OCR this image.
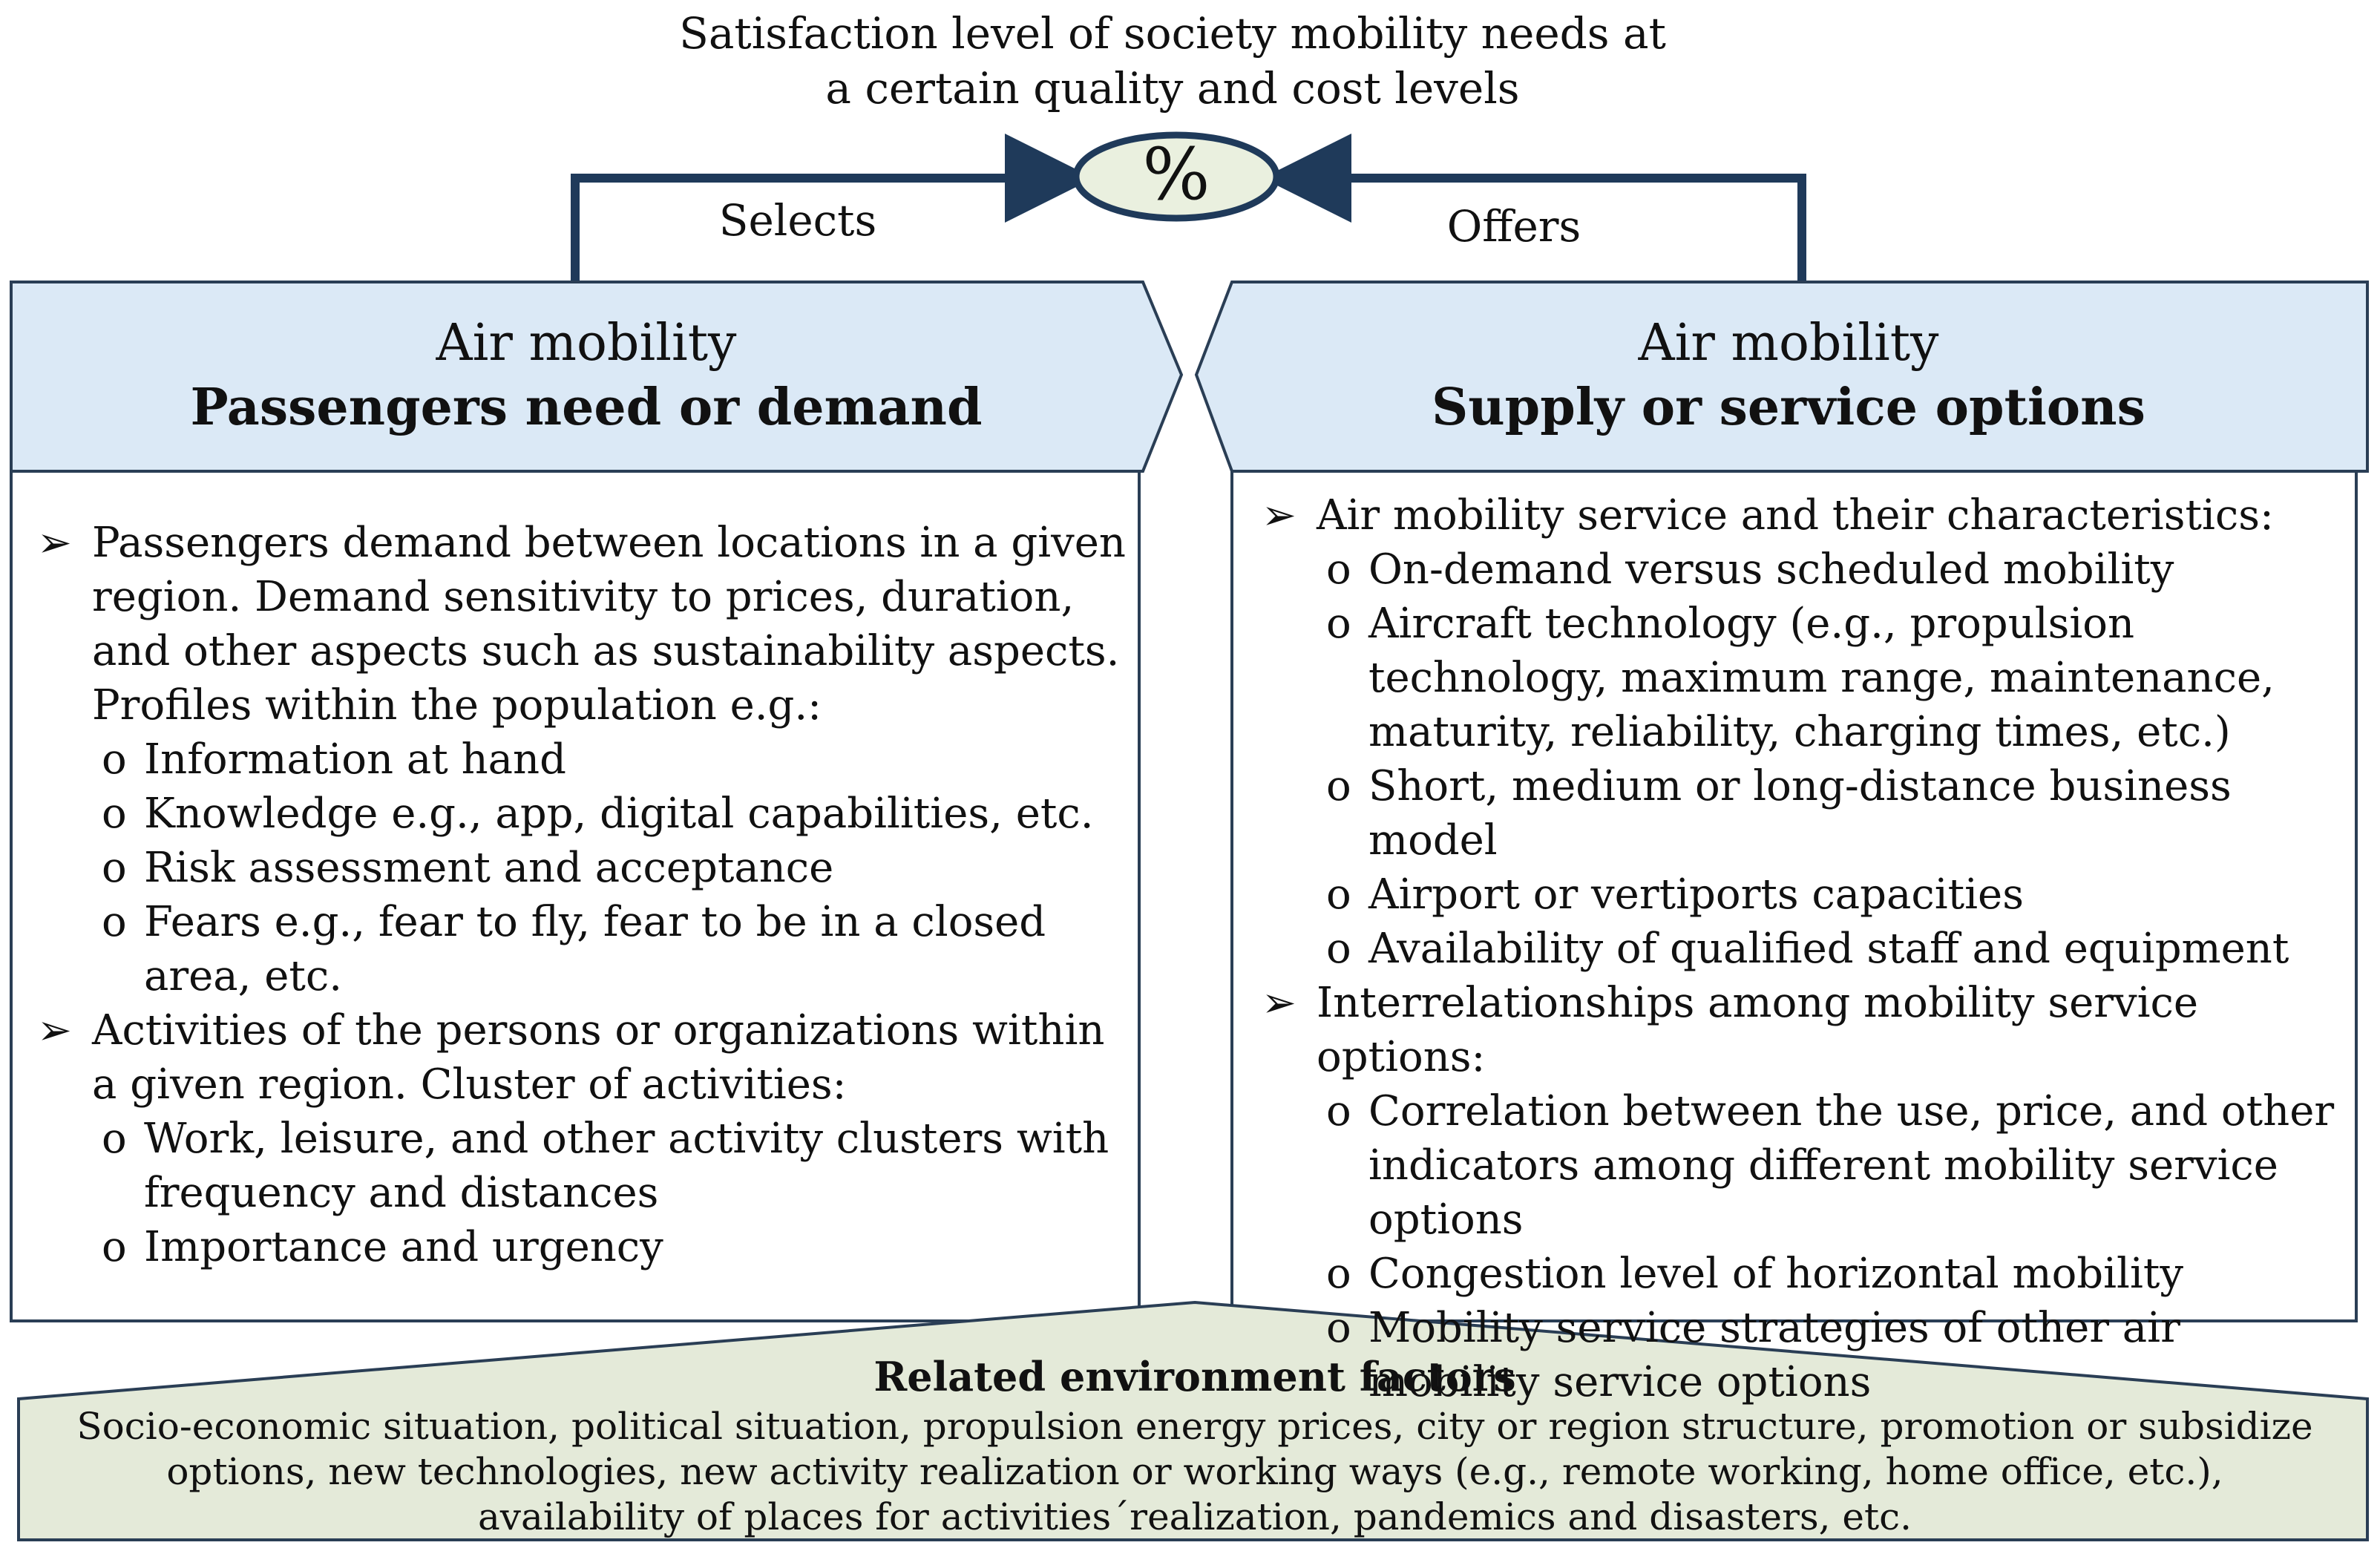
Satisfaction level of society mobility needs at
a certain quality and cost levels
%
Selects	Offers
Air mobility
Passengers need or demand
Air mobility
Supply or service options
➢ Passengers demand between locations in a given region. Demand sensitivity to prices, duration, and other aspects such as sustainability aspects. Profiles within the population e.g.:
o Information at hand
o Knowledge e.g., app, digital capabilities, etc.
o Risk assessment and acceptance
o Fears e.g., fear to fly, fear to be in a closed area, etc.
➢ Activities of the persons or organizations within a given region. Cluster of activities:
o Work, leisure, and other activity clusters with frequency and distances
o Importance and urgency
➢ Air mobility service and their characteristics:
o On-demand versus scheduled mobility
o Aircraft technology (e.g., propulsion technology, maximum range, maintenance, maturity, reliability, charging times, etc.)
o Short, medium or long-distance business model
o Airport or vertiports capacities
o Availability of qualified staff and equipment
➢ Interrelationships among mobility service options:
o Correlation between the use, price, and other indicators among different mobility service options
o Congestion level of horizontal mobility
o Mobility service strategies of other air mobility service options
Related environment factors
Socio-economic situation, political situation, propulsion energy prices, city or region structure, promotion or subsidize options, new technologies, new activity realization or working ways (e.g., remote working, home office, etc.), availability of places for activities´realization, pandemics and disasters, etc.
